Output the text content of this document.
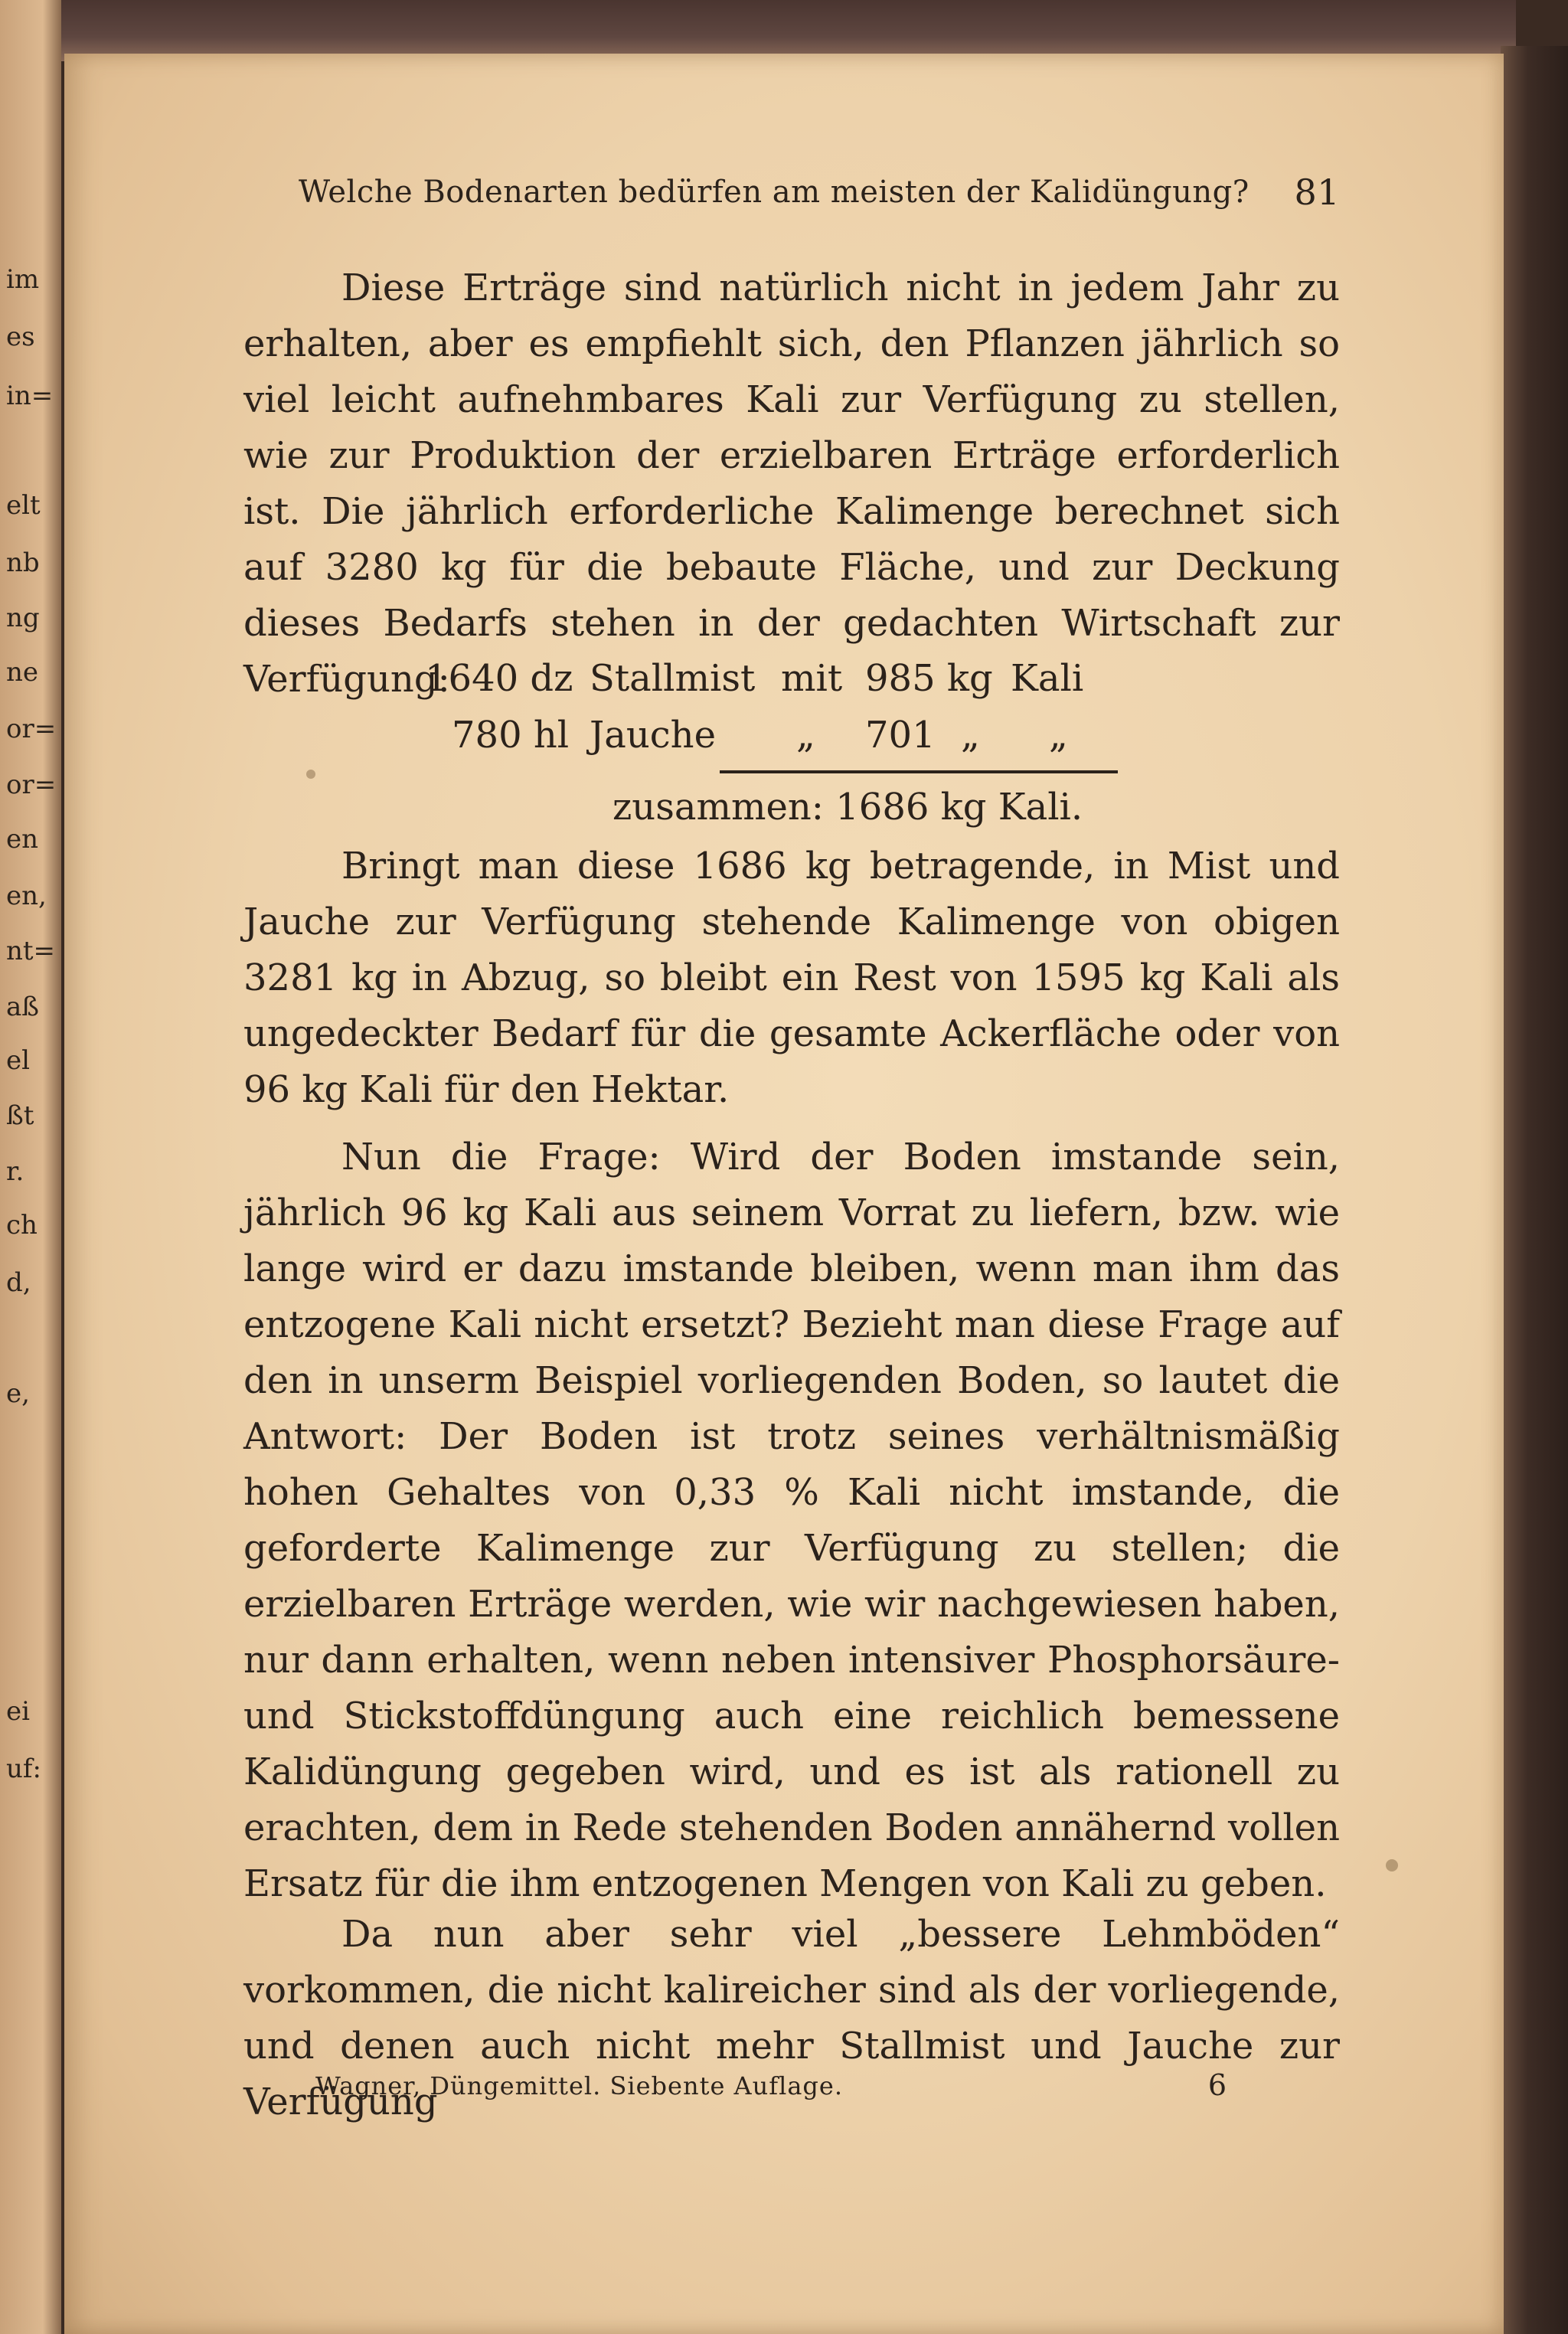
im
es
in=
elt
nb
ng
ne
or=
or=
en
en,
nt=
aß
el
ßt
r.
ch
d,
e,
ei
uf:
Welche Bodenarten bedürfen am meisten der Kalidüngung? 81

Diese Erträge sind natürlich nicht in jedem Jahr zu erhalten, aber es empfiehlt sich, den Pflanzen jährlich so viel leicht aufnehmbares Kali zur Verfügung zu stellen, wie zur Produktion der erzielbaren Erträge erforderlich ist. Die jährlich erforderliche Kalimenge berechnet sich auf 3280 kg für die bebaute Fläche, und zur Deckung dieses Bedarfs stehen in der gedachten Wirtschaft zur Verfügung:

1640 dz Stallmist mit 985 kg Kali
780 hl Jauche „ 701 „ „
zusammen: 1686 kg Kali.

Bringt man diese 1686 kg betragende, in Mist und Jauche zur Verfügung stehende Kalimenge von obigen 3281 kg in Abzug, so bleibt ein Rest von 1595 kg Kali als ungedeckter Bedarf für die gesamte Ackerfläche oder von 96 kg Kali für den Hektar.

Nun die Frage: Wird der Boden imstande sein, jährlich 96 kg Kali aus seinem Vorrat zu liefern, bzw. wie lange wird er dazu imstande bleiben, wenn man ihm das entzogene Kali nicht ersetzt? Bezieht man diese Frage auf den in unserm Beispiel vorliegenden Boden, so lautet die Antwort: Der Boden ist trotz seines verhältnismäßig hohen Gehaltes von 0,33 % Kali nicht imstande, die geforderte Kalimenge zur Verfügung zu stellen; die erzielbaren Erträge werden, wie wir nachgewiesen haben, nur dann erhalten, wenn neben intensiver Phosphorsäure- und Stickstoffdüngung auch eine reichlich bemessene Kalidüngung gegeben wird, und es ist als rationell zu erachten, dem in Rede stehenden Boden annähernd vollen Ersatz für die ihm entzogenen Mengen von Kali zu geben.

Da nun aber sehr viel „bessere Lehmböden“ vorkommen, die nicht kalireicher sind als der vorliegende, und denen auch nicht mehr Stallmist und Jauche zur Verfügung

Wagner, Düngemittel. Siebente Auflage.	6
